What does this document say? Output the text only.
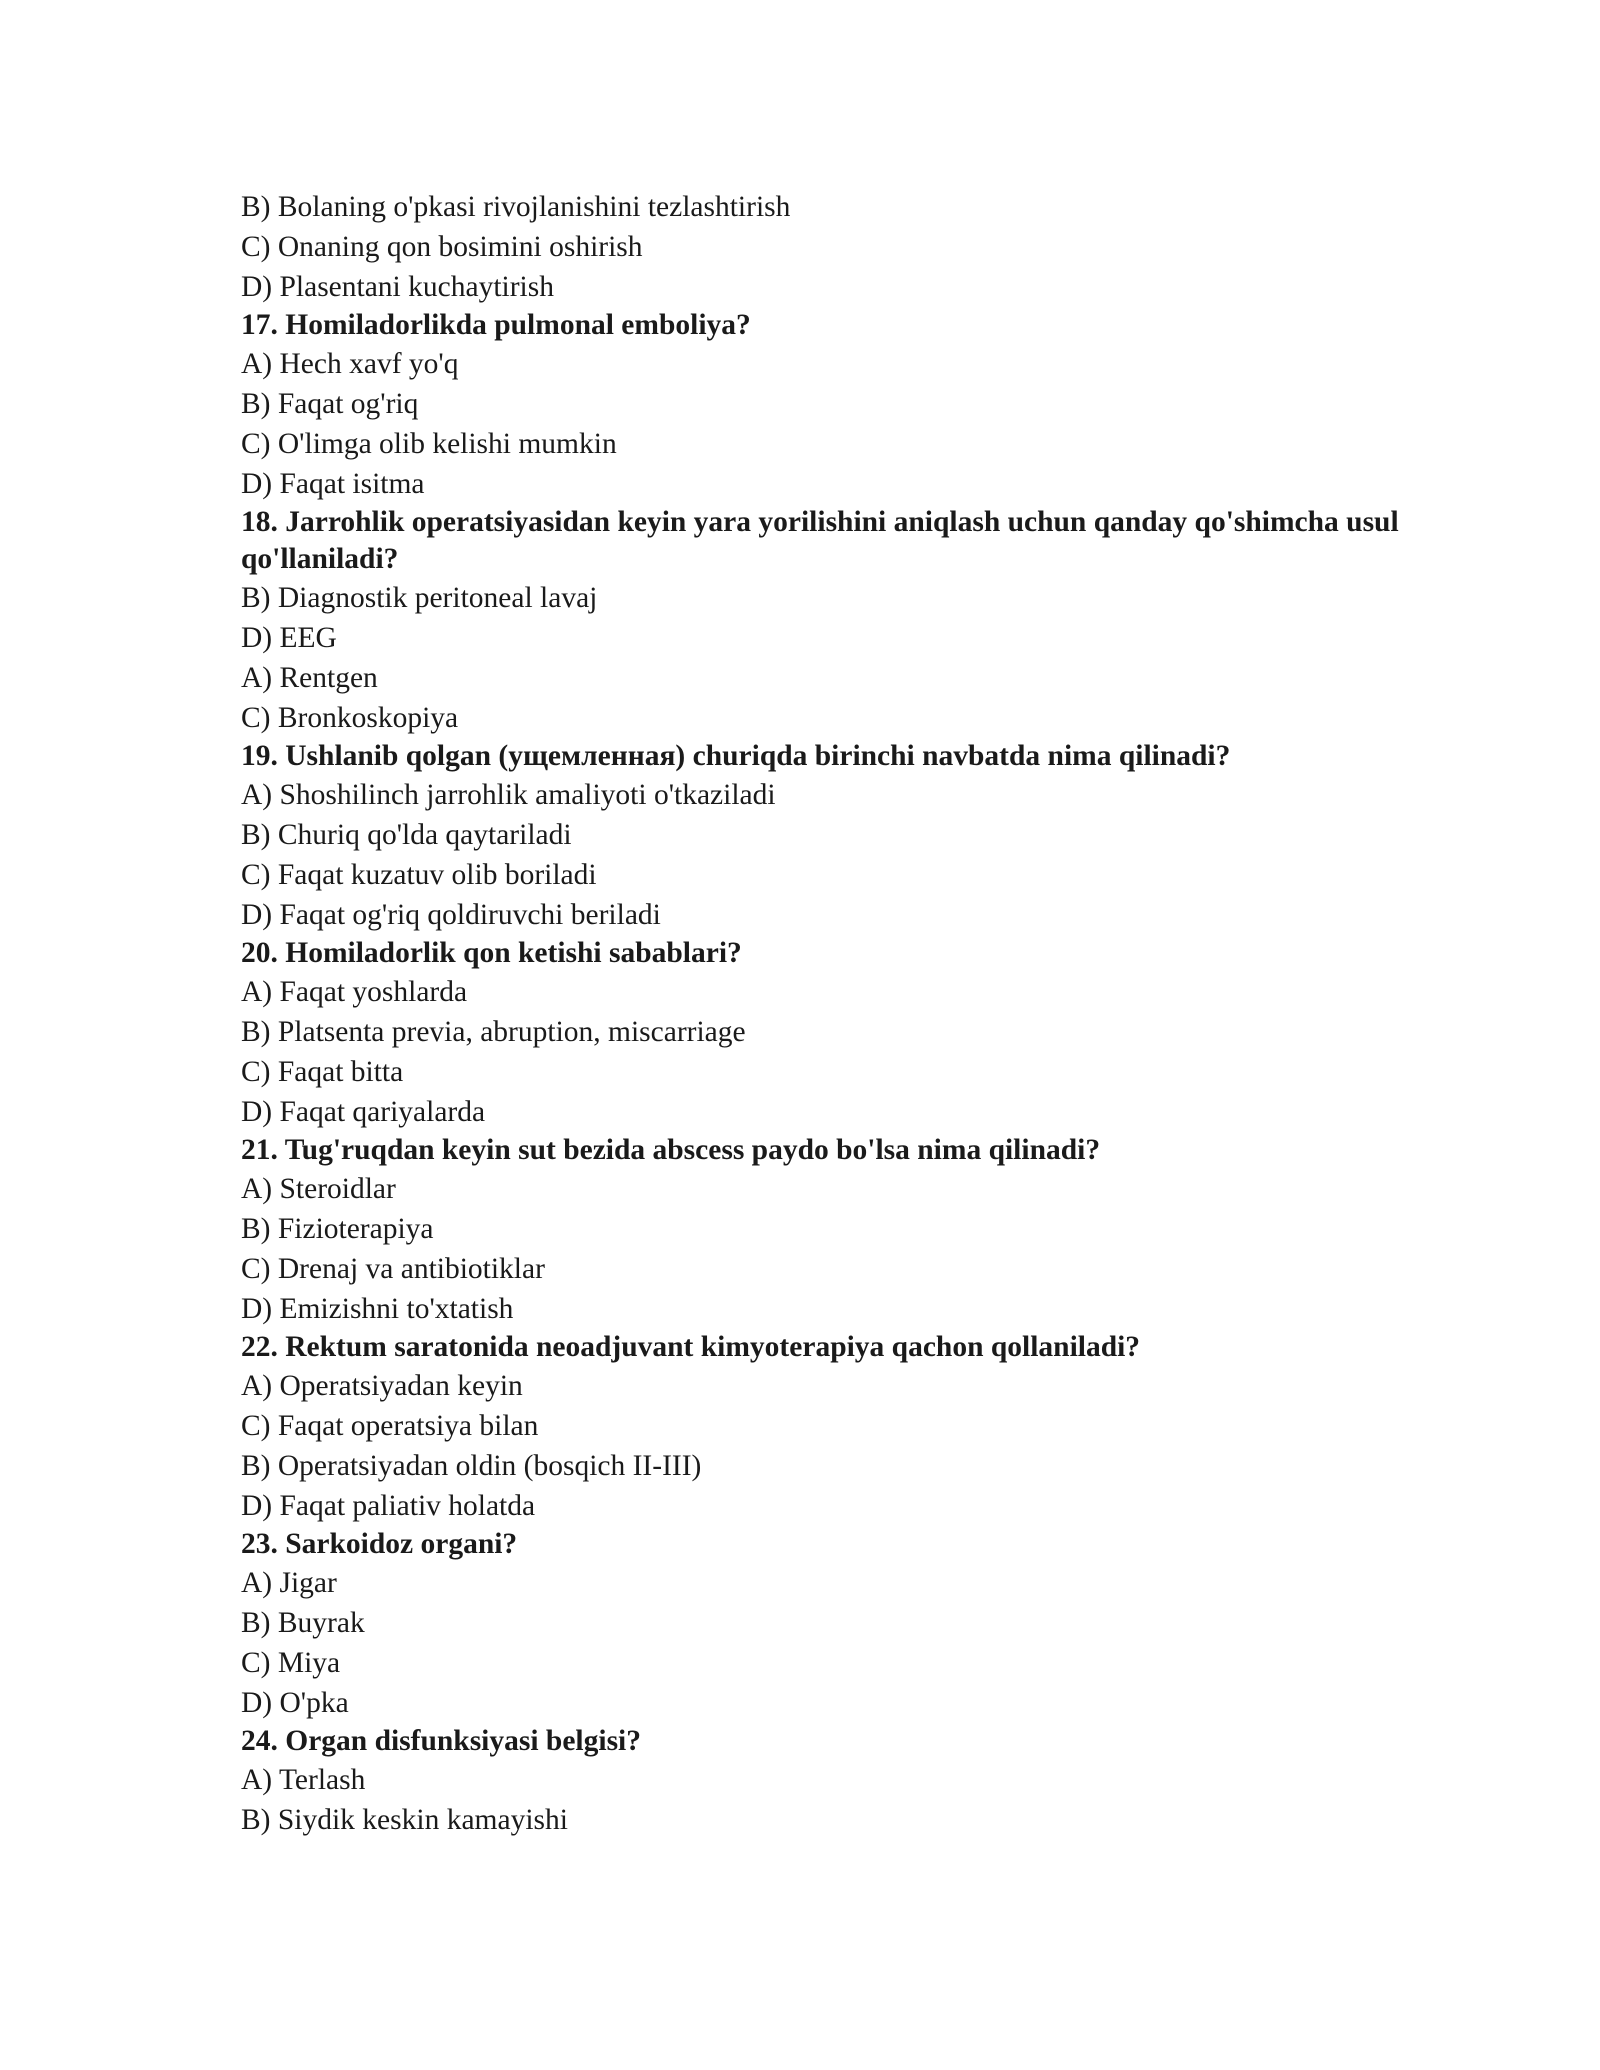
B) Bolaning o'pkasi rivojlanishini tezlashtirish
C) Onaning qon bosimini oshirish
D) Plasentani kuchaytirish
17. Homiladorlikda pulmonal emboliya?
A) Hech xavf yo'q
B) Faqat og'riq
C) O'limga olib kelishi mumkin
D) Faqat isitma
18. Jarrohlik operatsiyasidan keyin yara yorilishini aniqlash uchun qanday qo'shimcha usul qo'llaniladi?
B) Diagnostik peritoneal lavaj
D) EEG
A) Rentgen
C) Bronkoskopiya
19. Ushlanib qolgan (ущемленная) churiqda birinchi navbatda nima qilinadi?
A) Shoshilinch jarrohlik amaliyoti o'tkaziladi
B) Churiq qo'lda qaytariladi
C) Faqat kuzatuv olib boriladi
D) Faqat og'riq qoldiruvchi beriladi
20. Homiladorlik qon ketishi sabablari?
A) Faqat yoshlarda
B) Platsenta previa, abruption, miscarriage
C) Faqat bitta
D) Faqat qariyalarda
21. Tug'ruqdan keyin sut bezida abscess paydo bo'lsa nima qilinadi?
A) Steroidlar
B) Fizioterapiya
C) Drenaj va antibiotiklar
D) Emizishni to'xtatish
22. Rektum saratonida neoadjuvant kimyoterapiya qachon qollaniladi?
A) Operatsiyadan keyin
C) Faqat operatsiya bilan
B) Operatsiyadan oldin (bosqich II-III)
D) Faqat paliativ holatda
23. Sarkoidoz organi?
A) Jigar
B) Buyrak
C) Miya
D) O'pka
24. Organ disfunksiyasi belgisi?
A) Terlash
B) Siydik keskin kamayishi
